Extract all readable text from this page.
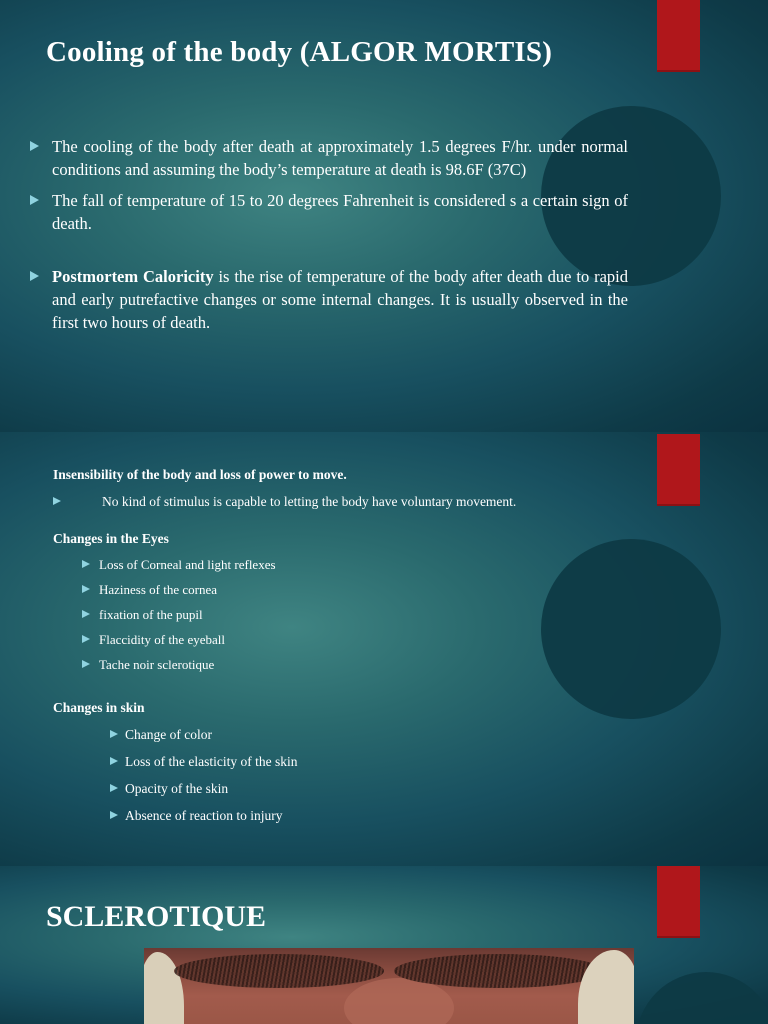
Cooling of the body (ALGOR MORTIS)
The cooling of the body after death at approximately 1.5 degrees F/hr. under normal conditions and assuming the body’s temperature at death is 98.6F (37C)
The fall of temperature of 15 to 20 degrees Fahrenheit is considered s a certain sign of death.
Postmortem Caloricity is the rise of temperature of the body after death due to rapid and early putrefactive changes or some internal changes. It is usually observed in the first two hours of death.
Insensibility of the body and loss of power to move.
No kind of stimulus is capable to letting the body have voluntary movement.
Changes in the Eyes
Loss of Corneal and light reflexes
Haziness of the cornea
fixation of the pupil
Flaccidity of the eyeball
Tache noir sclerotique
Changes in skin
Change of color
Loss of the elasticity of the skin
Opacity of the skin
Absence of reaction to injury
SCLEROTIQUE
